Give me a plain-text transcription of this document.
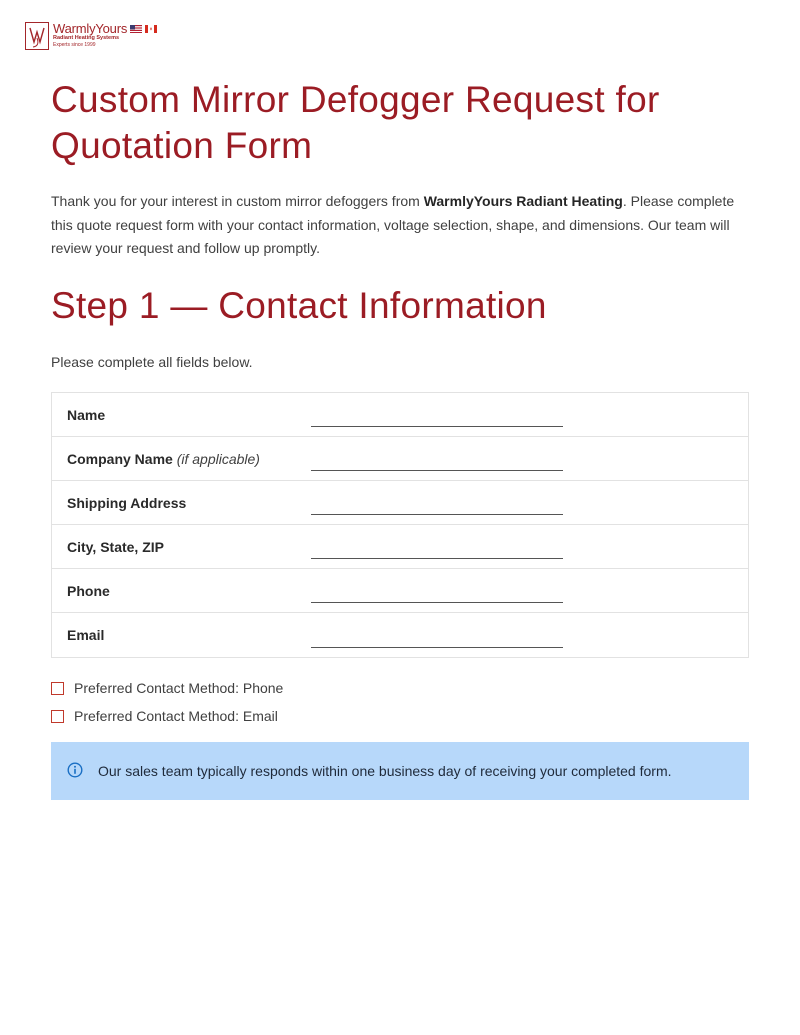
WarmlyYours
Radiant Heating Systems
Experts since 1999
Custom Mirror Defogger Request for Quotation Form

Thank you for your interest in custom mirror defoggers from WarmlyYours Radiant Heating. Please complete this quote request form with your contact information, voltage selection, shape, and dimensions. Our team will review your request and follow up promptly.

Step 1 — Contact Information

Please complete all fields below.

Name
Company Name (if applicable)
Shipping Address
City, State, ZIP
Phone
Email
Preferred Contact Method: Phone
Preferred Contact Method: Email
Our sales team typically responds within one business day of receiving your completed form.
